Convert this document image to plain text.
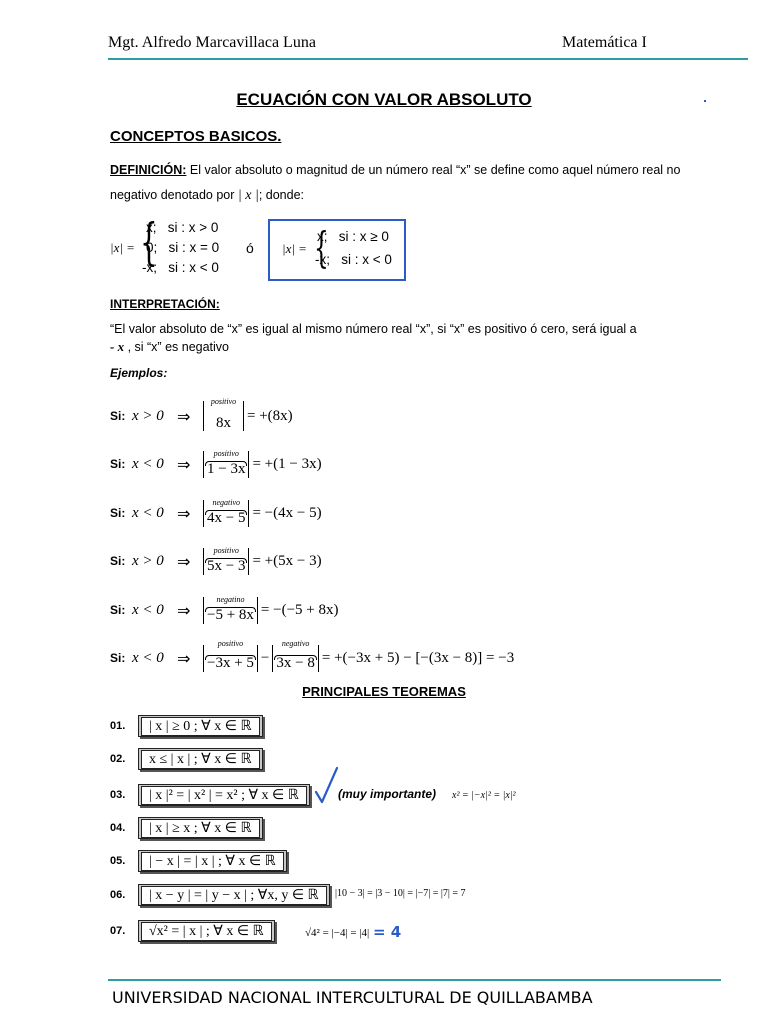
Mgt. Alfredo Marcavillaca Luna	Matemática I
ECUACIÓN CON VALOR ABSOLUTO
CONCEPTOS BASICOS.
DEFINICIÓN: El valor absoluto o magnitud de un número real “x” se define como aquel número real no
negativo denotado por | x |; donde:
|x| = {
x;   si : x > 0
0;   si : x = 0
-x;   si : x < 0
ó |x| = {
x;   si : x ≥ 0
-x;   si : x < 0
INTERPRETACIÓN:
“El valor absoluto de “x” es igual al mismo número real “x”, si “x” es positivo ó cero, será igual a
- x , si “x” es negativo
Ejemplos:
Si: x > 0 ⇒
positivo
8x	= +(8x)
Si: x < 0 ⇒
positivo
1 − 3x = +(1 − 3x)
Si: x < 0 ⇒
negativo
4x − 5 = −(4x − 5)
Si: x > 0 ⇒
positivo
5x − 3 = +(5x − 3)
Si: x < 0 ⇒
negatino
−5 + 8x = −(−5 + 8x)
Si: x < 0 ⇒
positivo
−3x + 5 −
negativo
3x − 8 = +(−3x + 5) − [−(3x − 8)] = −3
PRINCIPALES TEOREMAS
01.	| x | ≥ 0 ; ∀ x ∈ ℝ
02.	x ≤ | x | ; ∀ x ∈ ℝ
03.	| x |² = | x² | = x² ; ∀ x ∈ ℝ
04.	| x | ≥ x ; ∀ x ∈ ℝ
05.	| − x | = | x | ; ∀ x ∈ ℝ
06.	| x − y | = | y − x | ; ∀x, y ∈ ℝ
07.	√x² = | x | ; ∀ x ∈ ℝ
(muy importante) x² = |−x|² = |x|²
|10 − 3| = |3 − 10| = |−7| = |7| = 7
√4² = |−4| = |4| = 4
UNIVERSIDAD NACIONAL INTERCULTURAL DE QUILLABAMBA
